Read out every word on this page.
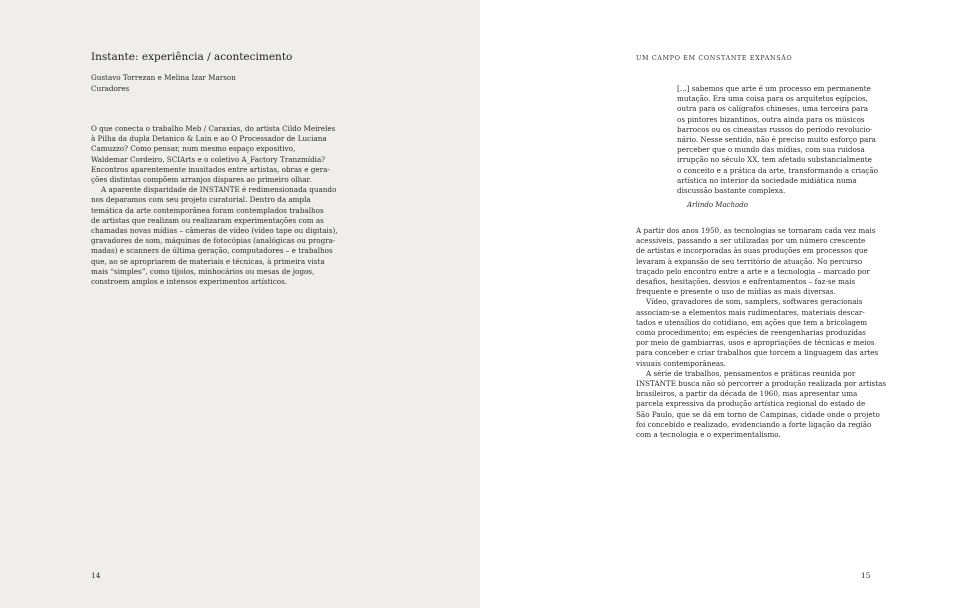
Instante: experiência / acontecimento
Gustavo Torrezan e Melina Izar Marson
Curadores

O que conecta o trabalho Meb / Caraxias, do artista Cildo Meireles

à Pilha da dupla Detanico & Lain e ao O Processador de Luciana

Camuzzo? Como pensar, num mesmo espaço expositivo,

Waldemar Cordeiro, SCIArts e o coletivo A_Factory Tranzmídia?

Encontros aparentemente inusitados entre artistas, obras e gera-

ções distintas compõem arranjos díspares ao primeiro olhar.

A aparente disparidade de INSTANTE é redimensionada quando

nos deparamos com seu projeto curatorial. Dentro da ampla

temática da arte contemporânea foram contemplados trabalhos

de artistas que realizam ou realizaram experimentações com as

chamadas novas mídias – câmeras de vídeo (vídeo tape ou digitais),

gravadores de som, máquinas de fotocópias (analógicas ou progra-

madas) e scanners de última geração, computadores – e trabalhos

que, ao se apropriarem de materiais e técnicas, à primeira vista

mais “simples”, como tijolos, minhocários ou mesas de jogos,

constroem amplos e intensos experimentos artísticos.

14
UM CAMPO EM CONSTANTE EXPANSÃO

[...] sabemos que arte é um processo em permanente

mutação. Era uma coisa para os arquitetos egípcios,

outra para os calígrafos chineses, uma terceira para

os pintores bizantinos, outra ainda para os músicos

barrocos ou os cineastas russos do período revolucio-

nário. Nesse sentido, não é preciso muito esforço para

perceber que o mundo das mídias, com sua ruidosa

irrupção no século XX, tem afetado substancialmente

o conceito e a prática da arte, transformando a criação

artística no interior da sociedade midiática numa

discussão bastante complexa.

Arlindo Machado

A partir dos anos 1950, as tecnologias se tornaram cada vez mais

acessíveis, passando a ser utilizadas por um número crescente

de artistas e incorporadas às suas produções em processos que

levaram à expansão de seu território de atuação. No percurso

traçado pelo encontro entre a arte e a tecnologia – marcado por

desafios, hesitações, desvios e enfrentamentos – faz-se mais

frequente e presente o uso de mídias as mais diversas.

Vídeo, gravadores de som, samplers, softwares geracionais

associam-se a elementos mais rudimentares, materiais descar-

tados e utensílios do cotidiano, em ações que tem a bricolagem

como procedimento; em espécies de reengenharias produzidas

por meio de gambiarras, usos e apropriações de técnicas e meios

para conceber e criar trabalhos que torcem a linguagem das artes

visuais contemporâneas.

A série de trabalhos, pensamentos e práticas reunida por

INSTANTE busca não só percorrer a produção realizada por artistas

brasileiros, a partir da década de 1960, mas apresentar uma

parcela expressiva da produção artística regional do estado de

São Paulo, que se dá em torno de Campinas, cidade onde o projeto

foi concebido e realizado, evidenciando a forte ligação da região

com a tecnologia e o experimentalismo.

15
